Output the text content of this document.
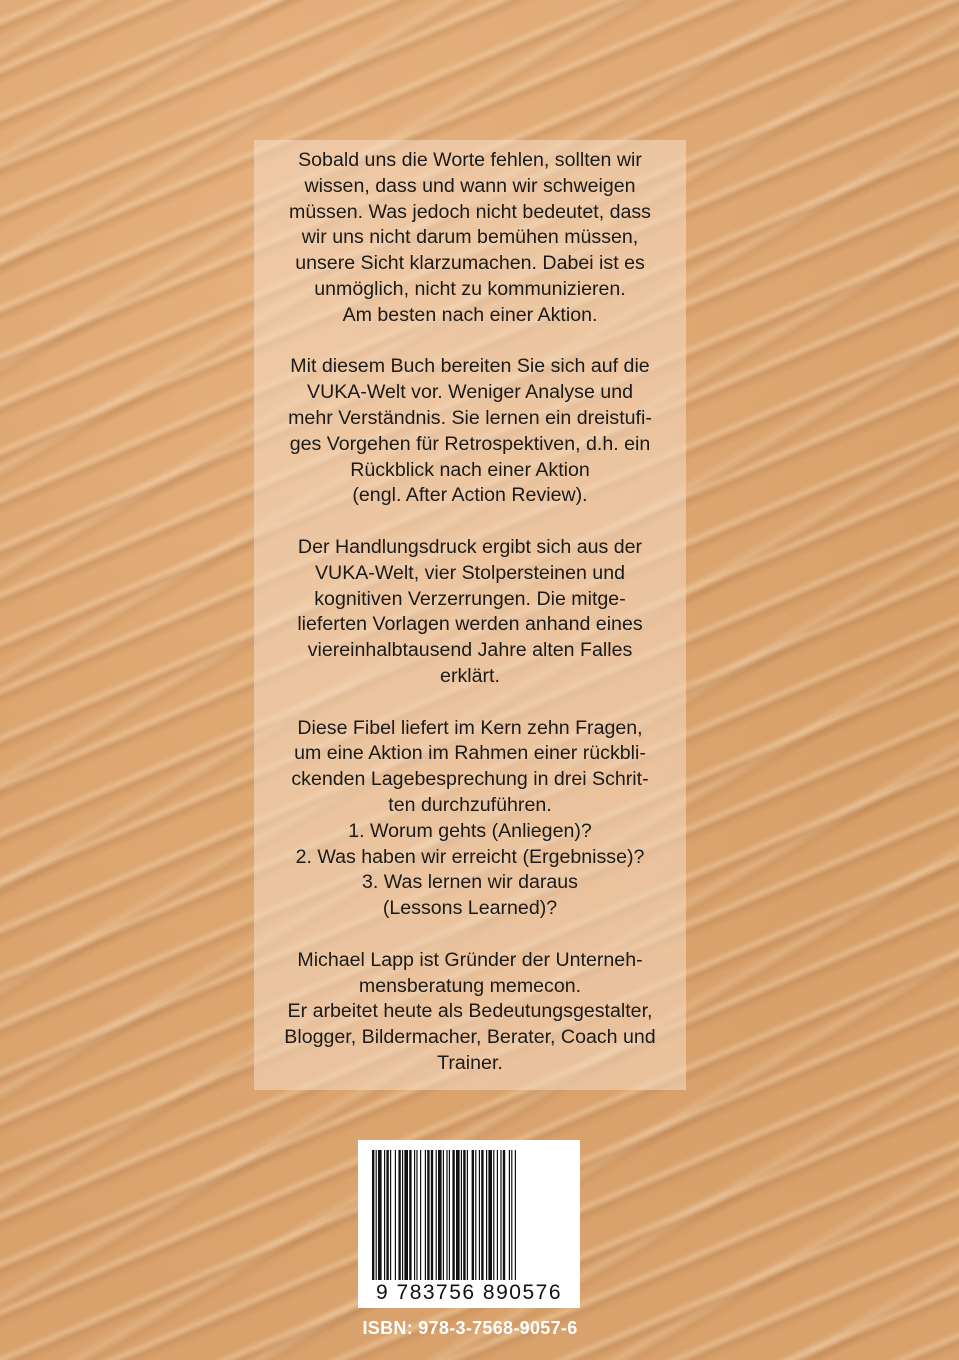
Sobald uns die Worte fehlen, sollten wir
wissen, dass und wann wir schweigen
müssen. Was jedoch nicht bedeutet, dass
wir uns nicht darum bemühen müssen,
unsere Sicht klarzumachen. Dabei ist es
unmöglich, nicht zu kommunizieren.
Am besten nach einer Aktion.

Mit diesem Buch bereiten Sie sich auf die
VUKA-Welt vor. Weniger Analyse und
mehr Verständnis. Sie lernen ein dreistufi-
ges Vorgehen für Retrospektiven, d.h. ein
Rückblick nach einer Aktion
(engl. After Action Review).

Der Handlungsdruck ergibt sich aus der
VUKA-Welt, vier Stolpersteinen und
kognitiven Verzerrungen. Die mitge-
lieferten Vorlagen werden anhand eines
viereinhalbtausend Jahre alten Falles
erklärt.

Diese Fibel liefert im Kern zehn Fragen,
um eine Aktion im Rahmen einer rückbli-
ckenden Lagebesprechung in drei Schrit-
ten durchzuführen.
1. Worum gehts (Anliegen)?
2. Was haben wir erreicht (Ergebnisse)?
3. Was lernen wir daraus
(Lessons Learned)?

Michael Lapp ist Gründer der Unterneh-
mensberatung memecon.
Er arbeitet heute als Bedeutungsgestalter,
Blogger, Bildermacher, Berater, Coach und
Trainer.

9 783756 890576
ISBN: 978-3-7568-9057-6
